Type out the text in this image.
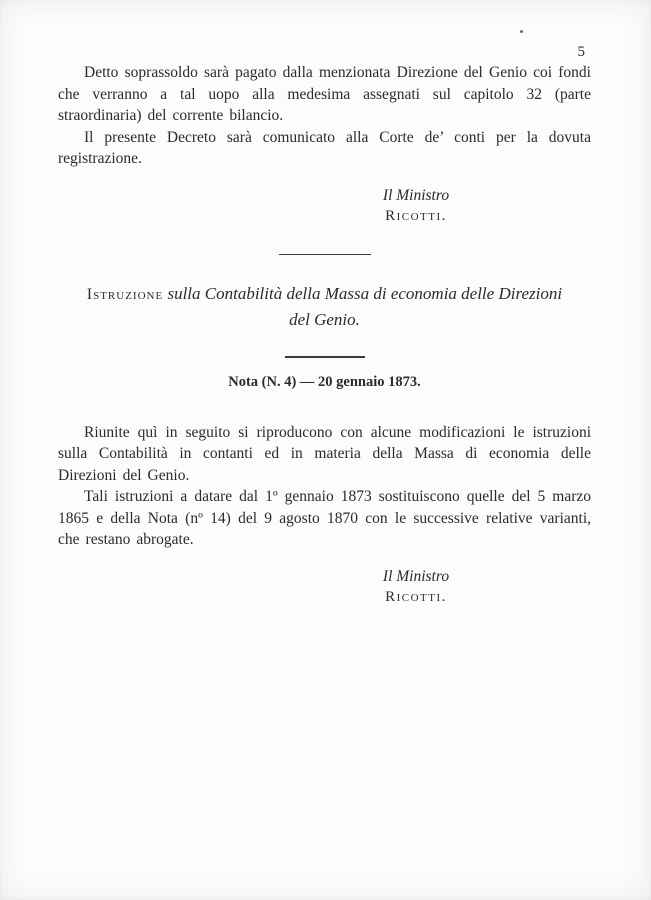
5

Detto soprassoldo sarà pagato dalla menzionata Direzione del Genio coi fondi che verranno a tal uopo alla medesima assegnati sul capitolo 32 (parte straordinaria) del corrente bilancio.

Il presente Decreto sarà comunicato alla Corte de’ conti per la dovuta registrazione.

Il Ministro
Ricotti.

Istruzione sulla Contabilità della Massa di economia delle Direzioni del Genio.

Nota (N. 4) — 20 gennaio 1873.

Riunite quì in seguito si riproducono con alcune modificazioni le istruzioni sulla Contabilità in contanti ed in materia della Massa di economia delle Direzioni del Genio.

Tali istruzioni a datare dal 1º gennaio 1873 sostituiscono quelle del 5 marzo 1865 e della Nota (nº 14) del 9 agosto 1870 con le successive relative varianti, che restano abrogate.

Il Ministro
Ricotti.
